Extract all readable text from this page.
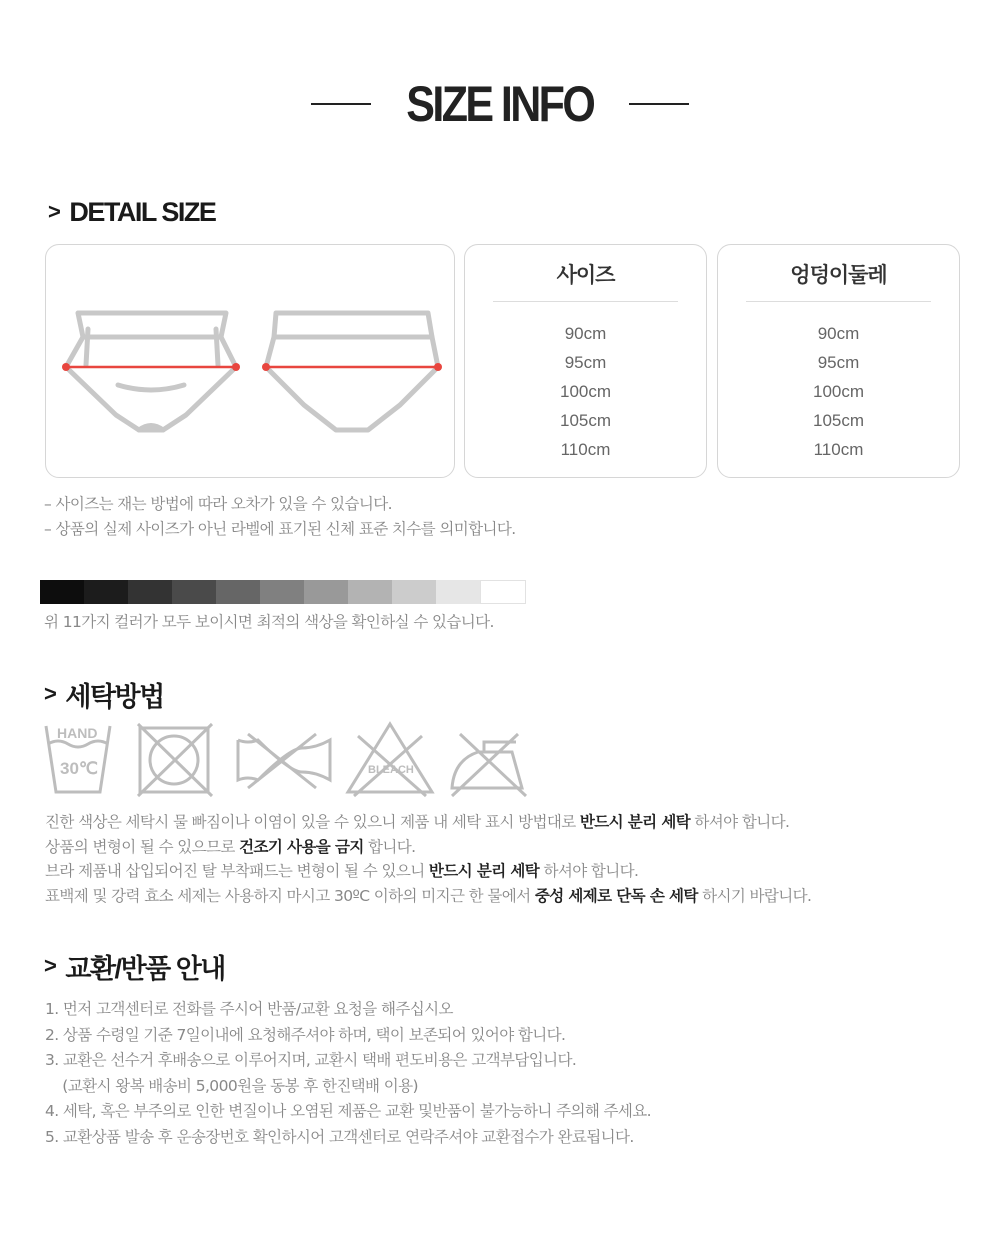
SIZE INFO
> DETAIL SIZE
사이즈
90cm
95cm
100cm
105cm
110cm
엉덩이둘레
90cm
95cm
100cm
105cm
110cm
– 사이즈는 재는 방법에 따라 오차가 있을 수 있습니다.
– 상품의 실제 사이즈가 아닌 라벨에 표기된 신체 표준 치수를 의미합니다.
위 11가지 컬러가 모두 보이시면 최적의 색상을 확인하실 수 있습니다.
> 세탁방법
HAND
30℃	BLEACH
진한 색상은 세탁시 물 빠짐이나 이염이 있을 수 있으니 제품 내 세탁 표시 방법대로 반드시 분리 세탁 하셔야 합니다.
상품의 변형이 될 수 있으므로 건조기 사용을 금지 합니다.
브라 제품내 삽입되어진 탈 부착패드는 변형이 될 수 있으니 반드시 분리 세탁 하셔야 합니다.
표백제 및 강력 효소 세제는 사용하지 마시고 30ºC 이하의 미지근 한 물에서 중성 세제로 단독 손 세탁 하시기 바랍니다.
> 교환/반품 안내
1. 먼저 고객센터로 전화를 주시어 반품/교환 요청을 해주십시오
2. 상품 수령일 기준 7일이내에 요청해주셔야 하며, 택이 보존되어 있어야 합니다.
3. 교환은 선수거 후배송으로 이루어지며, 교환시 택배 편도비용은 고객부담입니다.
(교환시 왕복 배송비 5,000원을 동봉 후 한진택배 이용)
4. 세탁, 혹은 부주의로 인한 변질이나 오염된 제품은 교환 및반품이 불가능하니 주의해 주세요.
5. 교환상품 발송 후 운송장번호 확인하시어 고객센터로 연락주셔야 교환접수가 완료됩니다.
